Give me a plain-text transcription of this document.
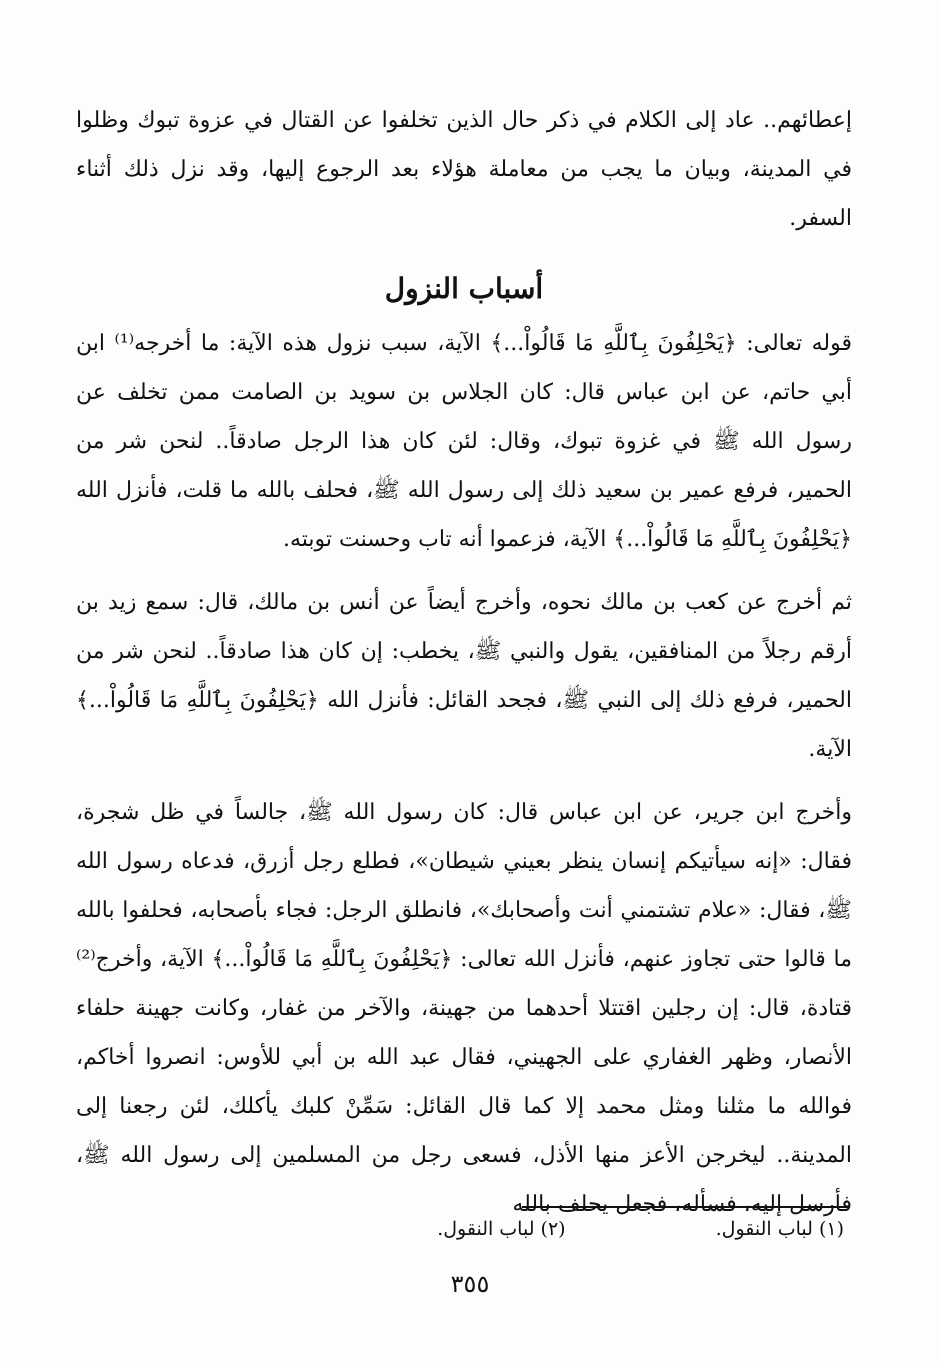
إعطائهم.. عاد إلى الكلام في ذكر حال الذين تخلفوا عن القتال في عزوة تبوك وظلوا في المدينة، وبيان ما يجب من معاملة هؤلاء بعد الرجوع إليها، وقد نزل ذلك أثناء السفر.

أسباب النزول

قوله تعالى: ﴿يَحْلِفُونَ بِٱللَّهِ مَا قَالُواْ...﴾ الآية، سبب نزول هذه الآية: ما أخرجه⁽¹⁾ ابن أبي حاتم، عن ابن عباس قال: كان الجلاس بن سويد بن الصامت ممن تخلف عن رسول الله ﷺ في غزوة تبوك، وقال: لئن كان هذا الرجل صادقاً.. لنحن شر من الحمير، فرفع عمير بن سعيد ذلك إلى رسول الله ﷺ، فحلف بالله ما قلت، فأنزل الله ﴿يَحْلِفُونَ بِٱللَّهِ مَا قَالُواْ...﴾ الآية، فزعموا أنه تاب وحسنت توبته.

ثم أخرج عن كعب بن مالك نحوه، وأخرج أيضاً عن أنس بن مالك، قال: سمع زيد بن أرقم رجلاً من المنافقين، يقول والنبي ﷺ، يخطب: إن كان هذا صادقاً.. لنحن شر من الحمير، فرفع ذلك إلى النبي ﷺ، فجحد القائل: فأنزل الله ﴿يَحْلِفُونَ بِٱللَّهِ مَا قَالُواْ...﴾ الآية.

وأخرج ابن جرير، عن ابن عباس قال: كان رسول الله ﷺ، جالساً في ظل شجرة، فقال: «إنه سيأتيكم إنسان ينظر بعيني شيطان»، فطلع رجل أزرق، فدعاه رسول الله ﷺ، فقال: «علام تشتمني أنت وأصحابك»، فانطلق الرجل: فجاء بأصحابه، فحلفوا بالله ما قالوا حتى تجاوز عنهم، فأنزل الله تعالى: ﴿يَحْلِفُونَ بِٱللَّهِ مَا قَالُواْ...﴾ الآية، وأخرج⁽²⁾ قتادة، قال: إن رجلين اقتتلا أحدهما من جهينة، والآخر من غفار، وكانت جهينة حلفاء الأنصار، وظهر الغفاري على الجهيني، فقال عبد الله بن أبي للأوس: انصروا أخاكم، فوالله ما مثلنا ومثل محمد إلا كما قال القائل: سَمِّنْ كلبك يأكلك، لئن رجعنا إلى المدينة.. ليخرجن الأعز منها الأذل، فسعى رجل من المسلمين إلى رسول الله ﷺ، فأرسل إليه، فسأله، فجعل يحلف بالله

(١) لباب النقول.
(٢) لباب النقول.
٣٥٥
